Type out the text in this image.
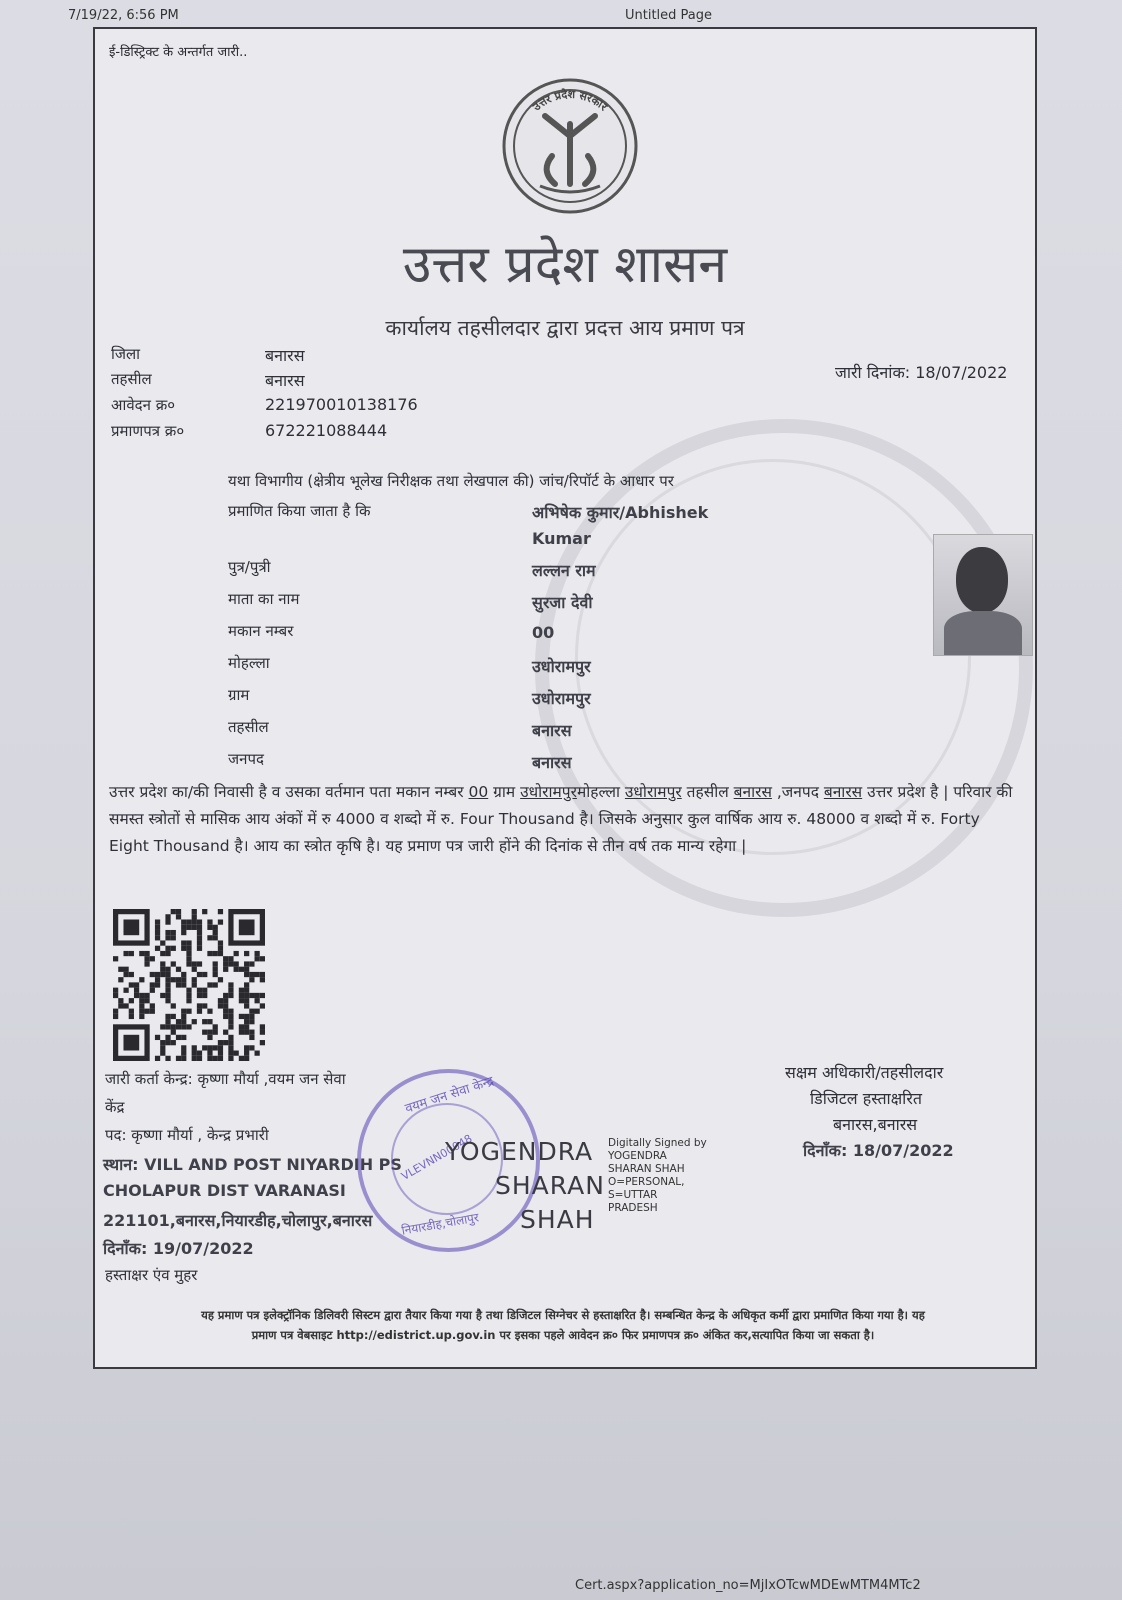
7/19/22, 6:56 PM	Untitled Page
ई-डिस्ट्रिक्ट के अन्तर्गत जारी..
उत्तर प्रदेश सरकार
उत्तर प्रदेश शासन
कार्यालय तहसीलदार द्वारा प्रदत्त आय प्रमाण पत्र
जिला	बनारस
तहसील	बनारस
आवेदन क्र०	221970010138176
प्रमाणपत्र क्र०	672221088444
जारी दिनांक: 18/07/2022
यथा विभागीय (क्षेत्रीय भूलेख निरीक्षक तथा लेखपाल की) जांच/रिपॉर्ट के आधार पर
प्रमाणित किया जाता है कि	अभिषेक कुमार/Abhishek
Kumar
पुत्र/पुत्री	लल्लन राम
माता का नाम	सुरजा देवी
मकान नम्बर	00
मोहल्ला	उधोरामपुर
ग्राम	उधोरामपुर
तहसील	बनारस
जनपद	बनारस
उत्तर प्रदेश का/की निवासी है व उसका वर्तमान पता मकान नम्बर 00 ग्राम उधोरामपुरमोहल्ला उधोरामपुर तहसील बनारस ,जनपद बनारस उत्तर प्रदेश है | परिवार की समस्त स्त्रोतों से मासिक आय अंकों में रु 4000 व शब्दो में रु. Four Thousand है। जिसके अनुसार कुल वार्षिक आय रु. 48000 व शब्दो में रु. Forty Eight Thousand है। आय का स्त्रोत कृषि है। यह प्रमाण पत्र जारी होंने की दिनांक से तीन वर्ष तक मान्य रहेगा |
जारी कर्ता केन्द्र: कृष्णा मौर्या ,वयम जन सेवा
केंद्र
पद: कृष्णा मौर्या , केन्द्र प्रभारी
स्थान: VILL AND POST NIYARDIH PS
CHOLAPUR DIST VARANASI
221101,बनारस,नियारडीह,चोलापुर,बनारस
दिनाँक: 19/07/2022
हस्ताक्षर एंव मुहर
वयम जन सेवा केन्द्र
VLEVNN00048
नियारडीह,चोलापुर
YOGENDRA
SHARAN
SHAH
Digitally Signed by
YOGENDRA
SHARAN SHAH
O=PERSONAL,
S=UTTAR
PRADESH
सक्षम अधिकारी/तहसीलदार
डिजिटल हस्ताक्षरित
बनारस,बनारस
दिनाँक: 18/07/2022
यह प्रमाण पत्र इलेक्ट्रॉनिक डिलिवरी सिस्टम द्वारा तैयार किया गया है तथा डिजिटल सिग्नेचर से हस्ताक्षरित है। सम्बन्धित केन्द्र के अधिकृत कर्मी द्वारा प्रमाणित किया गया है। यह
प्रमाण पत्र वेबसाइट http://edistrict.up.gov.in पर इसका पहले आवेदन क्र० फिर प्रमाणपत्र क्र० अंकित कर,सत्यापित किया जा सकता है।
Cert.aspx?application_no=MjIxOTcwMDEwMTM4MTc2
